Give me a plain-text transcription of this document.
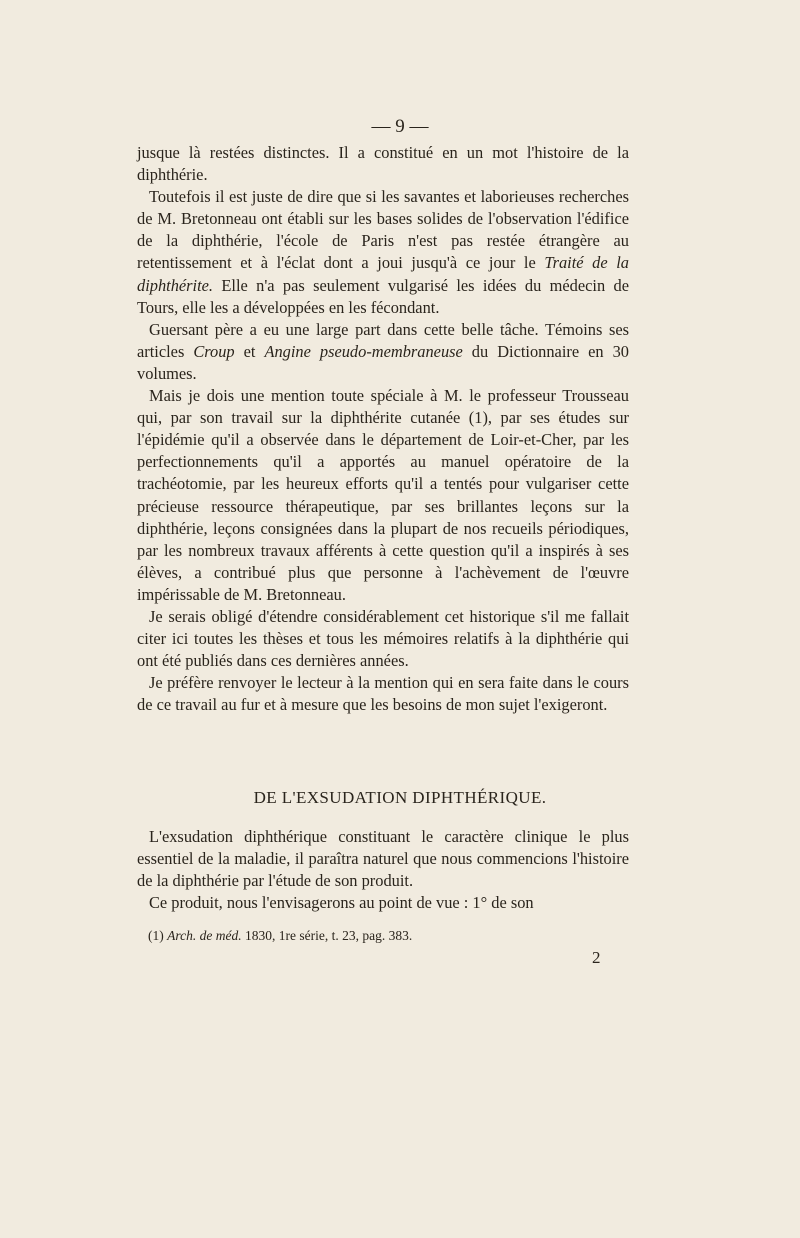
— 9 —

jusque là restées distinctes. Il a constitué en un mot l'histoire de la diphthérie.

Toutefois il est juste de dire que si les savantes et laborieuses recherches de M. Bretonneau ont établi sur les bases solides de l'observation l'édifice de la diphthérie, l'école de Paris n'est pas restée étrangère au retentissement et à l'éclat dont a joui jusqu'à ce jour le Traité de la diphthérite. Elle n'a pas seulement vulgarisé les idées du médecin de Tours, elle les a développées en les fécondant.

Guersant père a eu une large part dans cette belle tâche. Témoins ses articles Croup et Angine pseudo-membraneuse du Dictionnaire en 30 volumes.

Mais je dois une mention toute spéciale à M. le professeur Trousseau qui, par son travail sur la diphthérite cutanée (1), par ses études sur l'épidémie qu'il a observée dans le département de Loir-et-Cher, par les perfectionnements qu'il a apportés au manuel opératoire de la trachéotomie, par les heureux efforts qu'il a tentés pour vulgariser cette précieuse ressource thérapeutique, par ses brillantes leçons sur la diphthérie, leçons consignées dans la plupart de nos recueils périodiques, par les nombreux travaux afférents à cette question qu'il a inspirés à ses élèves, a contribué plus que personne à l'achèvement de l'œuvre impérissable de M. Bretonneau.

Je serais obligé d'étendre considérablement cet historique s'il me fallait citer ici toutes les thèses et tous les mémoires relatifs à la diphthérie qui ont été publiés dans ces dernières années.

Je préfère renvoyer le lecteur à la mention qui en sera faite dans le cours de ce travail au fur et à mesure que les besoins de mon sujet l'exigeront.

DE L'EXSUDATION DIPHTHÉRIQUE.

L'exsudation diphthérique constituant le caractère clinique le plus essentiel de la maladie, il paraîtra naturel que nous commencions l'histoire de la diphthérie par l'étude de son produit.

Ce produit, nous l'envisagerons au point de vue : 1° de son

(1) Arch. de méd. 1830, 1re série, t. 23, pag. 383.
2
